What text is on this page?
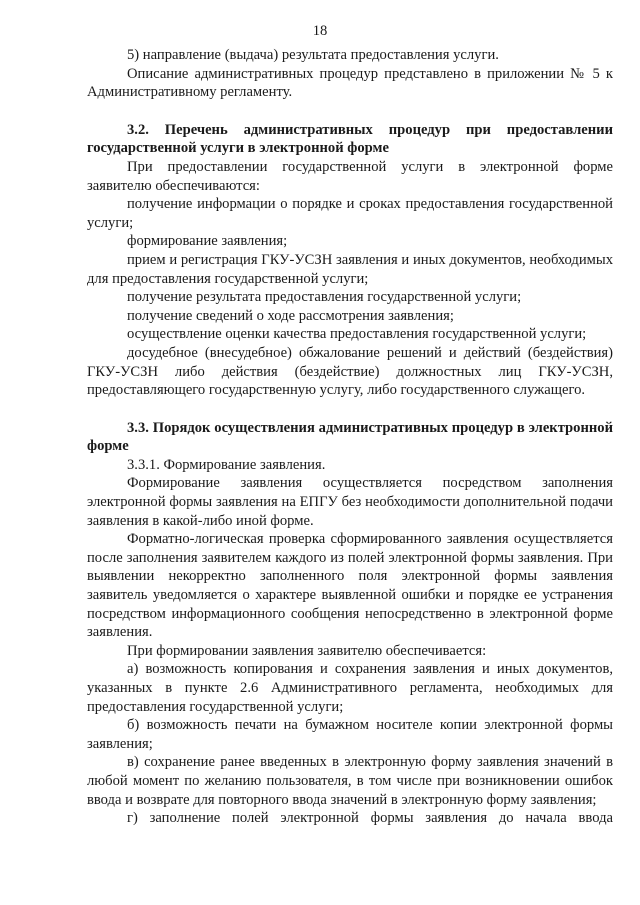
18

5) направление (выдача) результата предоставления услуги.

Описание административных процедур представлено в приложении № 5 к Административному регламенту.

3.2. Перечень административных процедур при предоставлении государственной услуги в электронной форме

При предоставлении государственной услуги в электронной форме заявителю обеспечиваются:

получение информации о порядке и сроках предоставления государственной услуги;

формирование заявления;

прием и регистрация ГКУ-УСЗН заявления и иных документов, необходимых для предоставления государственной услуги;

получение результата предоставления государственной услуги;

получение сведений о ходе рассмотрения заявления;

осуществление оценки качества предоставления государственной услуги;

досудебное (внесудебное) обжалование решений и действий (бездействия) ГКУ-УСЗН либо действия (бездействие) должностных лиц ГКУ-УСЗН, предоставляющего государственную услугу, либо государственного служащего.

3.3. Порядок осуществления административных процедур в электронной форме

3.3.1. Формирование заявления.

Формирование заявления осуществляется посредством заполнения электронной формы заявления на ЕПГУ без необходимости дополнительной подачи заявления в какой-либо иной форме.

Форматно-логическая проверка сформированного заявления осуществляется после заполнения заявителем каждого из полей электронной формы заявления. При выявлении некорректно заполненного поля электронной формы заявления заявитель уведомляется о характере выявленной ошибки и порядке ее устранения посредством информационного сообщения непосредственно в электронной форме заявления.

При формировании заявления заявителю обеспечивается:

а) возможность копирования и сохранения заявления и иных документов, указанных в пункте 2.6 Административного регламента, необходимых для предоставления государственной услуги;

б) возможность печати на бумажном носителе копии электронной формы заявления;

в) сохранение ранее введенных в электронную форму заявления значений в любой момент по желанию пользователя, в том числе при возникновении ошибок ввода и возврате для повторного ввода значений в электронную форму заявления;

г) заполнение полей электронной формы заявления до начала ввода
